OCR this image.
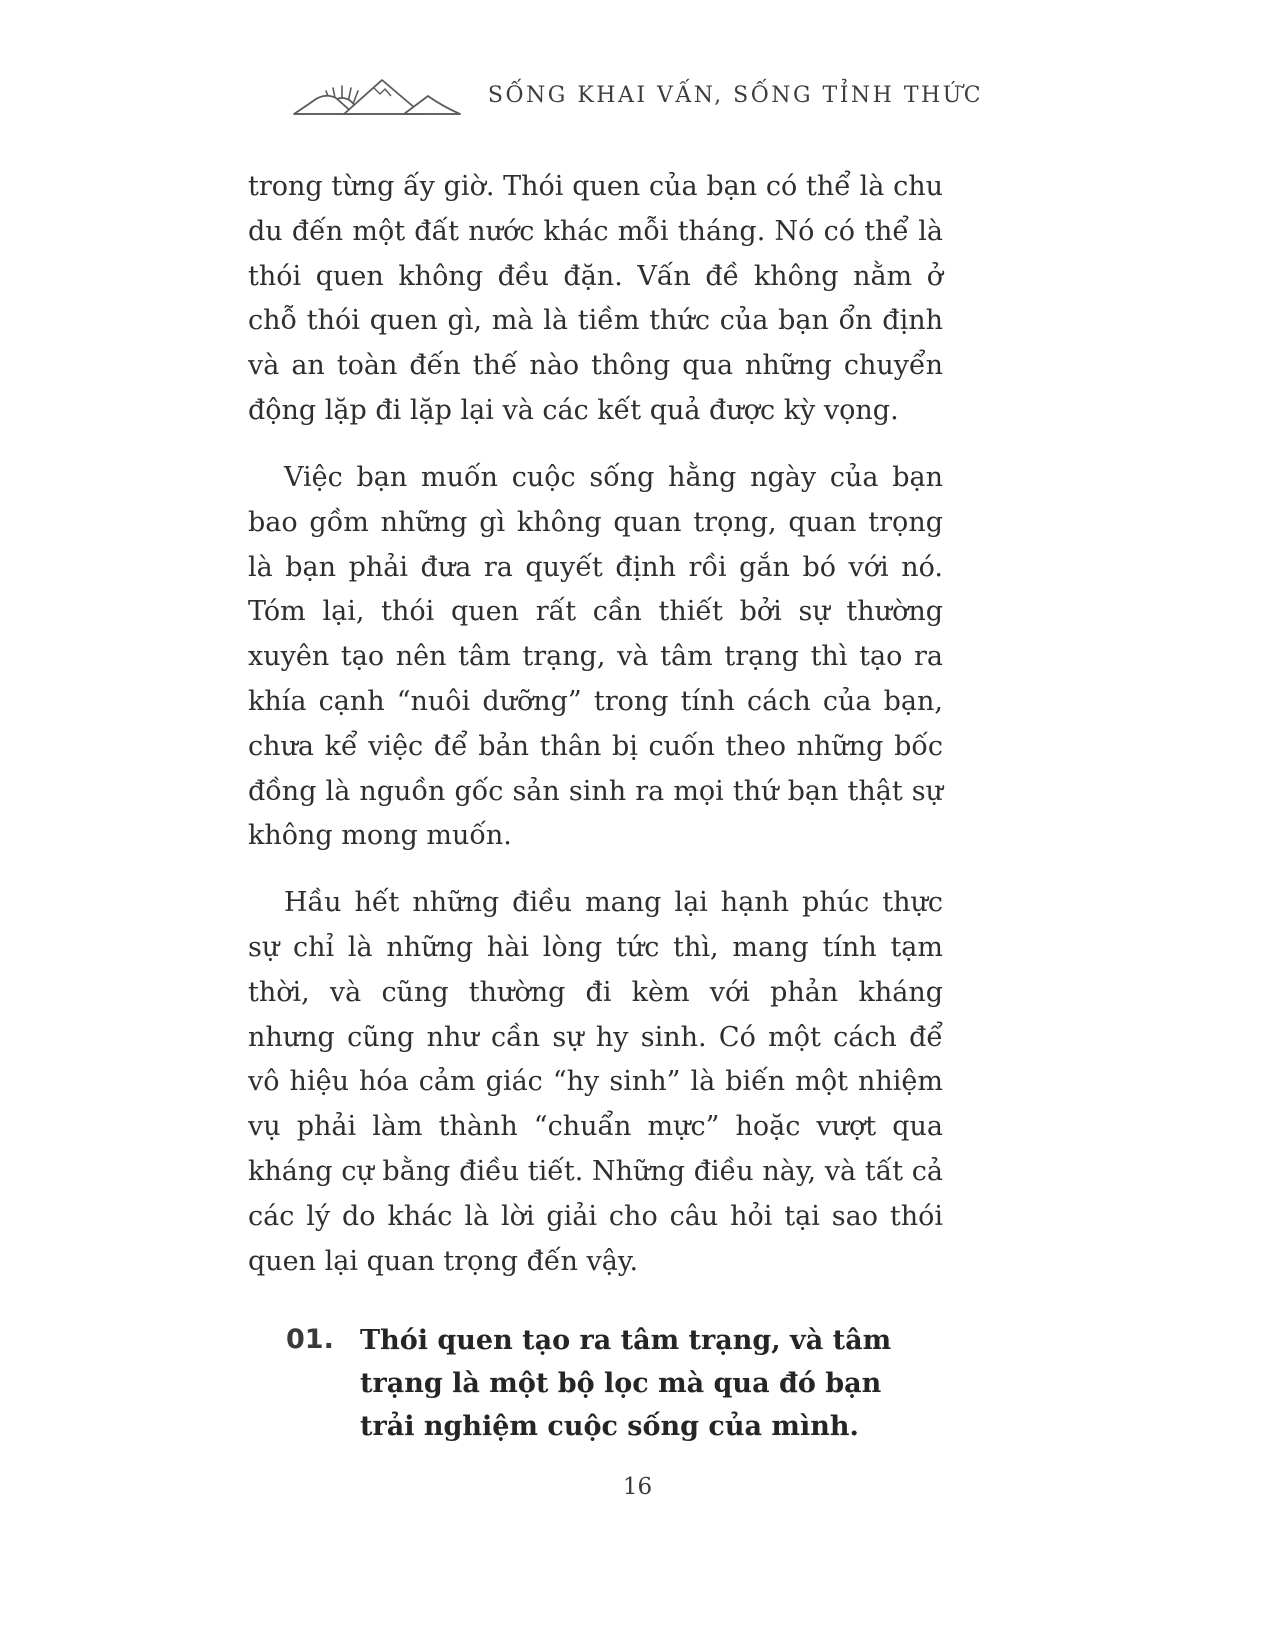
SỐNG KHAI VẤN, SỐNG TỈNH THỨC

trong từng ấy giờ. Thói quen của bạn có thể là chu du đến một đất nước khác mỗi tháng. Nó có thể là thói quen không đều đặn. Vấn đề không nằm ở chỗ thói quen gì, mà là tiềm thức của bạn ổn định và an toàn đến thế nào thông qua những chuyển động lặp đi lặp lại và các kết quả được kỳ vọng.

Việc bạn muốn cuộc sống hằng ngày của bạn bao gồm những gì không quan trọng, quan trọng là bạn phải đưa ra quyết định rồi gắn bó với nó. Tóm lại, thói quen rất cần thiết bởi sự thường xuyên tạo nên tâm trạng, và tâm trạng thì tạo ra khía cạnh “nuôi dưỡng” trong tính cách của bạn, chưa kể việc để bản thân bị cuốn theo những bốc đồng là nguồn gốc sản sinh ra mọi thứ bạn thật sự không mong muốn.

Hầu hết những điều mang lại hạnh phúc thực sự chỉ là những hài lòng tức thì, mang tính tạm thời, và cũng thường đi kèm với phản kháng nhưng cũng như cần sự hy sinh. Có một cách để vô hiệu hóa cảm giác “hy sinh” là biến một nhiệm vụ phải làm thành “chuẩn mực” hoặc vượt qua kháng cự bằng điều tiết. Những điều này, và tất cả các lý do khác là lời giải cho câu hỏi tại sao thói quen lại quan trọng đến vậy.

01. Thói quen tạo ra tâm trạng, và tâm trạng là một bộ lọc mà qua đó bạn trải nghiệm cuộc sống của mình.
16
